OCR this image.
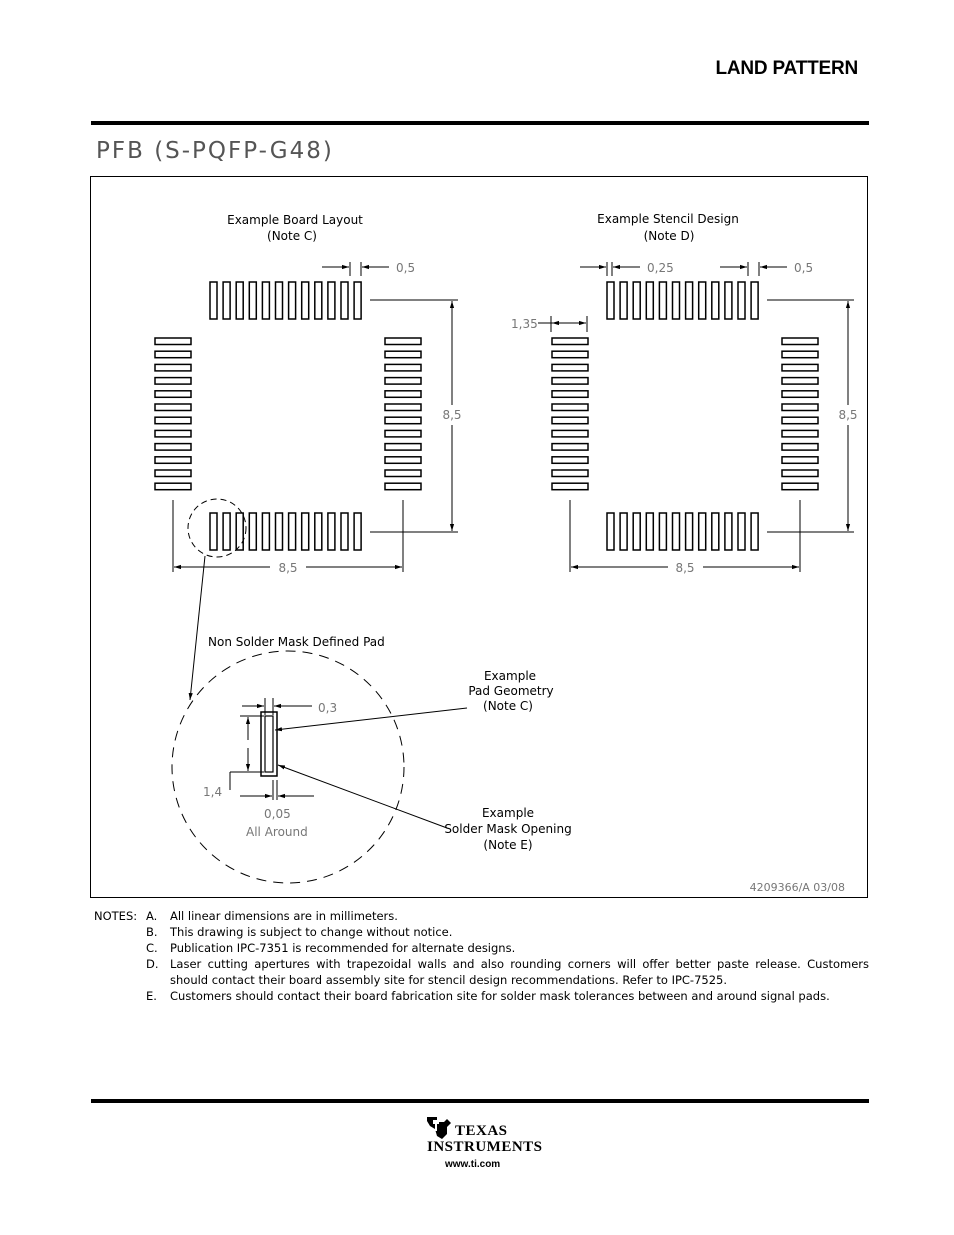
LAND PATTERN
PFB (S-PQFP-G48)
Example Board Layout
(Note C)
0,5
8,5
8,5
Example Stencil Design
(Note D)
0,25	0,5
1,35
8,5
8,5
Non Solder Mask Defined Pad
0,3
1,4
0,05
All Around
Example
Pad Geometry
(Note C)
Example
Solder Mask Opening
(Note E)
4209366/A 03/08
NOTES: A. All linear dimensions are in millimeters.
B. This drawing is subject to change without notice.
C. Publication IPC-7351 is recommended for alternate designs.
D. Laser cutting apertures with trapezoidal walls and also rounding corners will offer better paste release. Customers should contact their board assembly site for stencil design recommendations. Refer to IPC-7525.
E. Customers should contact their board fabrication site for solder mask tolerances between and around signal pads.
TEXAS
INSTRUMENTS
www.ti.com
